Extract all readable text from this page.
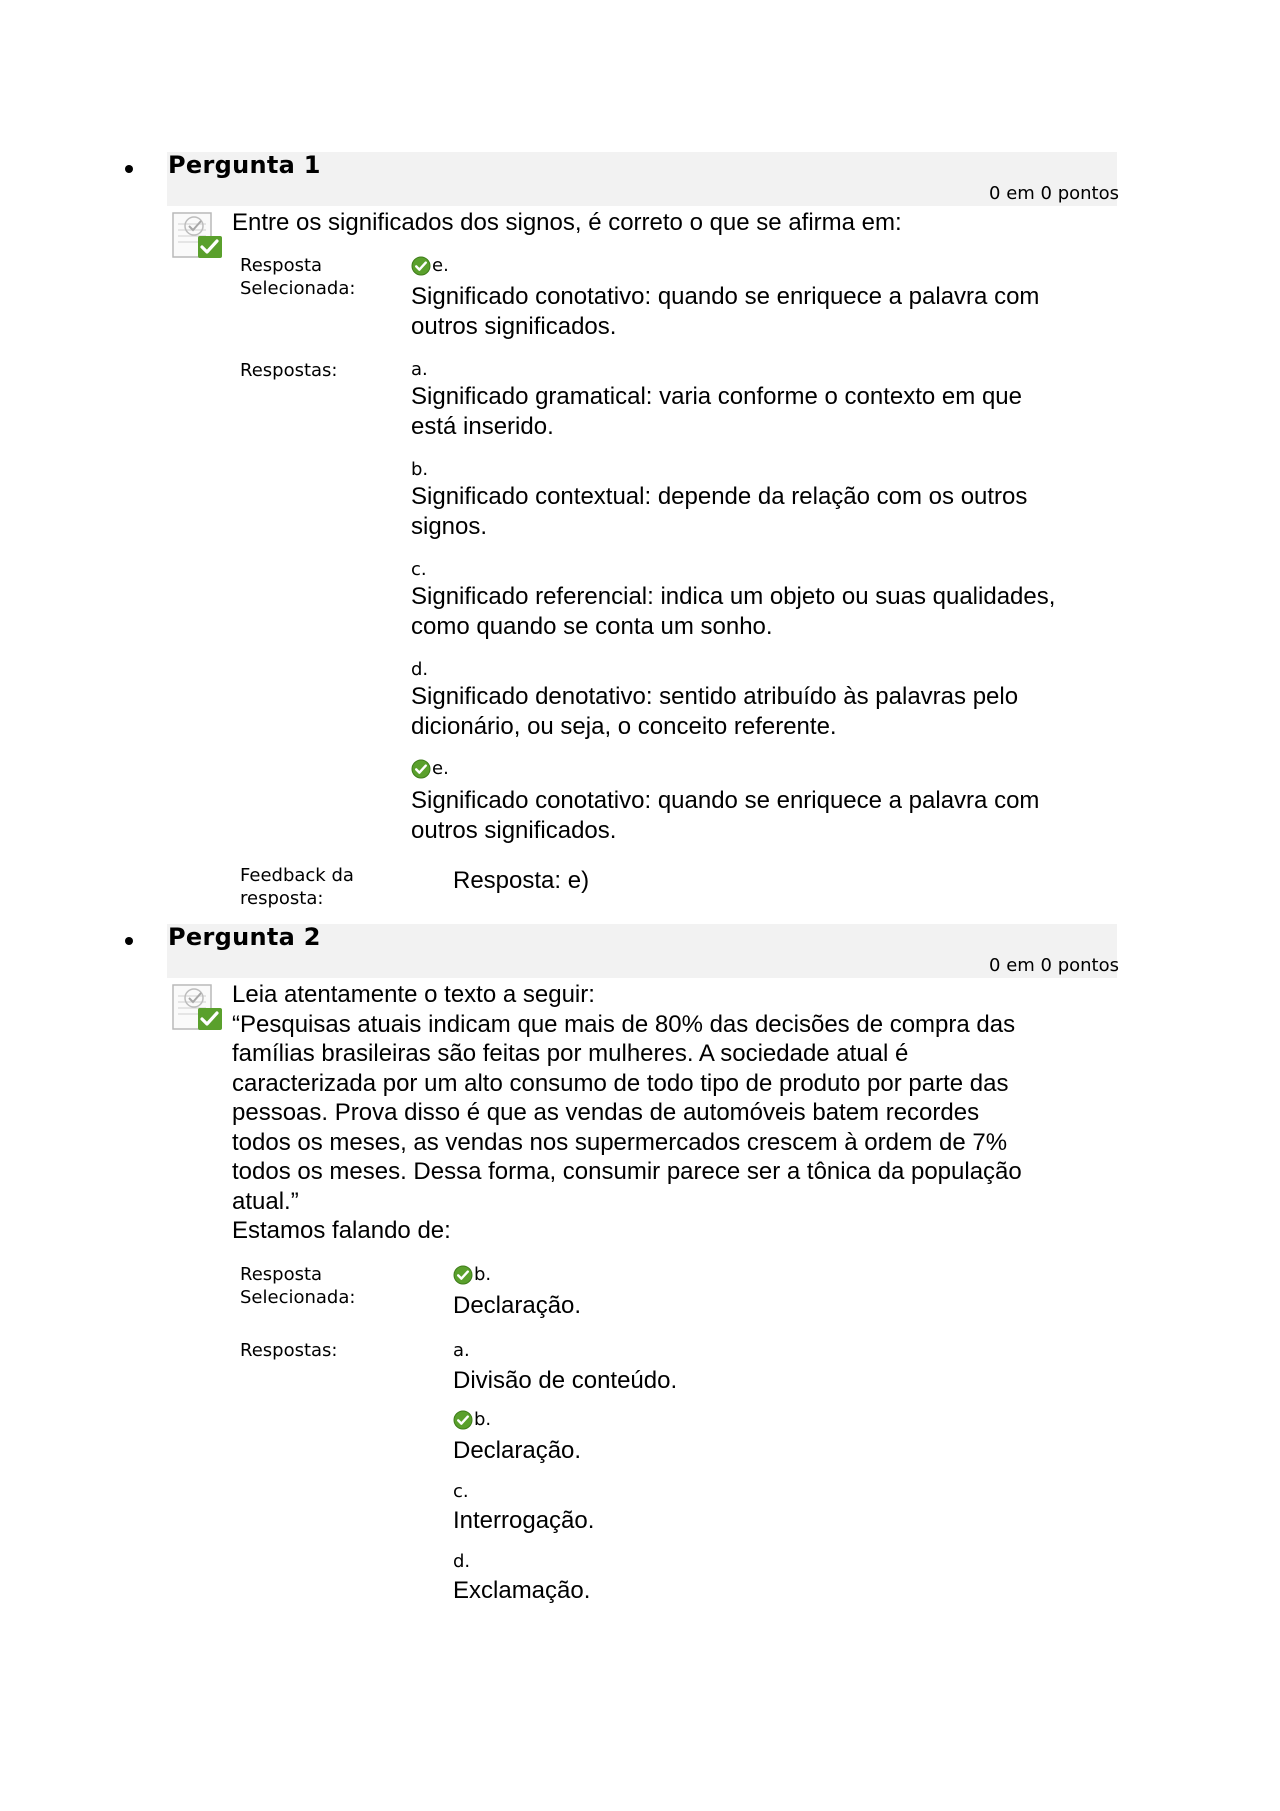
Pergunta 1
0 em 0 pontos
Entre os significados dos signos, é correto o que se afirma em:
Resposta Selecionada:
e.
Significado conotativo: quando se enriquece a palavra com outros significados.
Respostas:	a.
Significado gramatical: varia conforme o contexto em que está inserido.
b.
Significado contextual: depende da relação com os outros signos.
c.
Significado referencial: indica um objeto ou suas qualidades, como quando se conta um sonho.
d.
Significado denotativo: sentido atribuído às palavras pelo dicionário, ou seja, o conceito referente.
e.
Significado conotativo: quando se enriquece a palavra com outros significados.
Feedback da resposta:
Resposta: e)
Pergunta 2
0 em 0 pontos
Leia atentamente o texto a seguir:
“Pesquisas atuais indicam que mais de 80% das decisões de compra das famílias brasileiras são feitas por mulheres. A sociedade atual é caracterizada por um alto consumo de todo tipo de produto por parte das pessoas. Prova disso é que as vendas de automóveis batem recordes todos os meses, as vendas nos supermercados crescem à ordem de 7% todos os meses. Dessa forma, consumir parece ser a tônica da população atual.”
Estamos falando de:
Resposta Selecionada:
b.
Declaração.
Respostas:	a.
Divisão de conteúdo.
b.
Declaração.
c.
Interrogação.
d.
Exclamação.
